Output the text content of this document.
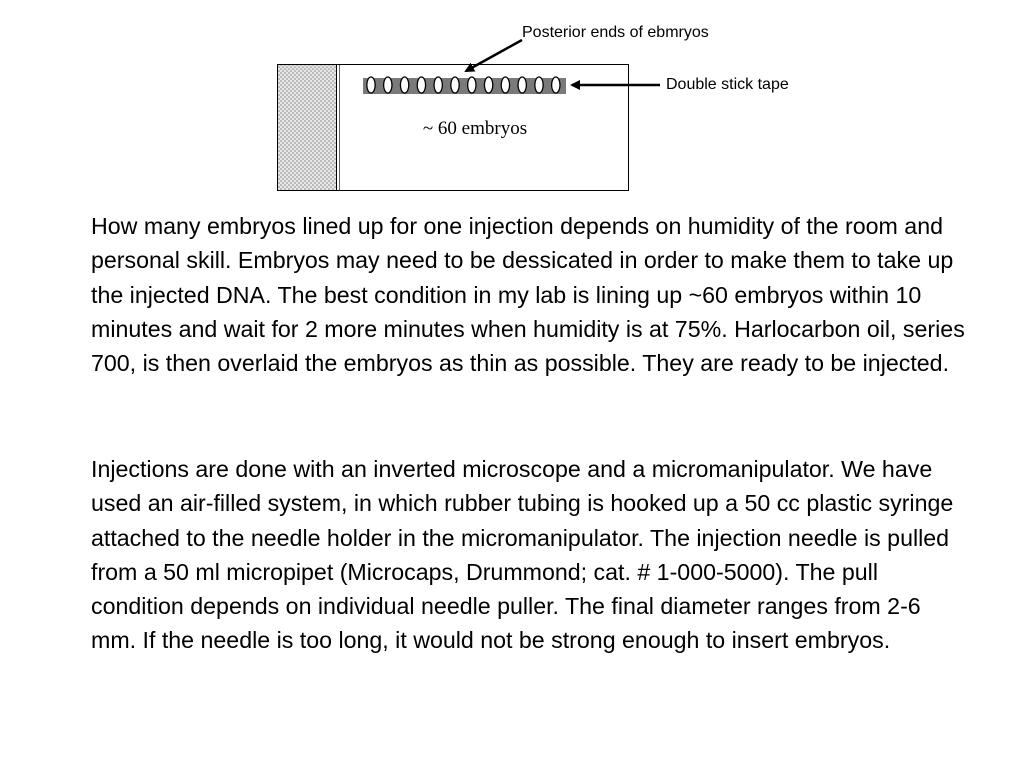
Posterior ends of ebmryos
Double stick tape
~ 60 embryos

How many embryos lined up for one injection depends on humidity of the room and personal skill. Embryos may need to be dessicated in order to make them to take up the injected DNA. The best condition in my lab is lining up ~60 embryos within 10 minutes and wait for 2 more minutes when humidity is at 75%. Harlocarbon oil, series 700, is then overlaid the embryos as thin as possible. They are ready to be injected.

Injections are done with an inverted microscope and a micromanipulator. We have used an air-filled system, in which rubber tubing is hooked up a 50 cc plastic syringe attached to the needle holder in the micromanipulator. The injection needle is pulled from a 50 ml micropipet (Microcaps, Drummond; cat. # 1-000-5000). The pull condition depends on individual needle puller. The final diameter ranges from 2-6 mm. If the needle is too long, it would not be strong enough to insert embryos.
